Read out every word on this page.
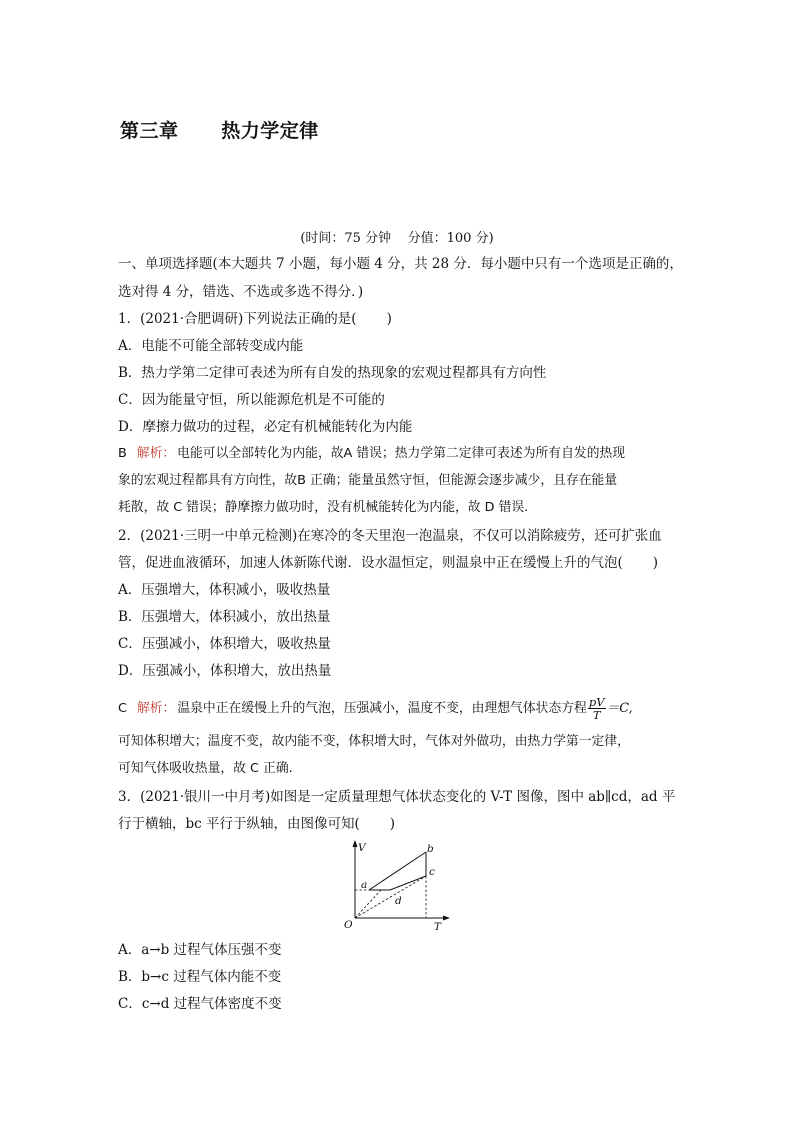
第三章      热力学定律
(时间：75 分钟    分值：100 分)
一、单项选择题(本大题共 7 小题，每小题 4 分，共 28 分．每小题中只有一个选项是正确的，
选对得 4 分，错选、不选或多选不得分．)
1．(2021·合肥调研)下列说法正确的是(       )
A．电能不可能全部转变成内能
B．热力学第二定律可表述为所有自发的热现象的宏观过程都具有方向性
C．因为能量守恒，所以能源危机是不可能的
D．摩擦力做功的过程，必定有机械能转化为内能
B 解析： 电能可以全部转化为内能，故A 错误；热力学第二定律可表述为所有自发的热现
象的宏观过程都具有方向性，故B 正确；能量虽然守恒，但能源会逐步减少，且存在能量
耗散，故 C 错误；静摩擦力做功时，没有机械能转化为内能，故 D 错误.
2．(2021·三明一中单元检测)在寒冷的冬天里泡一泡温泉，不仅可以消除疲劳，还可扩张血
管，促进血液循环，加速人体新陈代谢．设水温恒定，则温泉中正在缓慢上升的气泡(       )
A．压强增大，体积减小，吸收热量
B．压强增大，体积减小，放出热量
C．压强减小，体积增大，吸收热量
D．压强减小，体积增大，放出热量
C 解析： 温泉中正在缓慢上升的气泡，压强减小，温度不变，由理想气体状态方程 $\frac{pV}{T} =C$,
可知体积增大；温度不变，故内能不变，体积增大时，气体对外做功，由热力学第一定律，
可知气体吸收热量，故 C 正确.
3．(2021·银川一中月考)如图是一定质量理想气体状态变化的 V-T 图像，图中 ab∥cd，ad 平
行于横轴，bc 平行于纵轴，由图像可知(       )
V
T
O
a
b
c
d
A．a→b 过程气体压强不变
B．b→c 过程气体内能不变
C．c→d 过程气体密度不变
